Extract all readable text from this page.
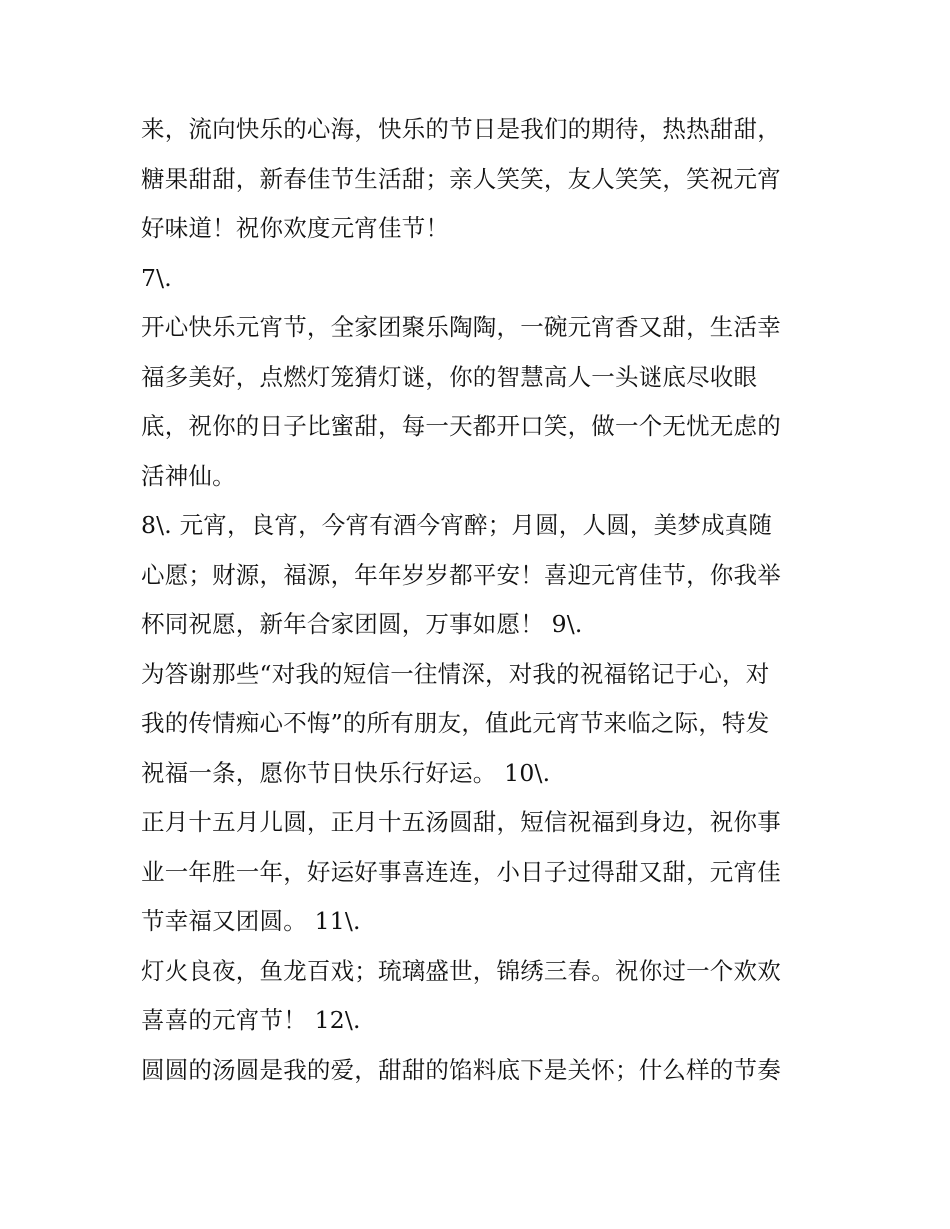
来，流向快乐的心海，快乐的节日是我们的期待，热热甜甜，
糖果甜甜，新春佳节生活甜；亲人笑笑，友人笑笑，笑祝元宵
好味道！祝你欢度元宵佳节！
7\.
开心快乐元宵节，全家团聚乐陶陶，一碗元宵香又甜，生活幸
福多美好，点燃灯笼猜灯谜，你的智慧高人一头谜底尽收眼
底，祝你的日子比蜜甜，每一天都开口笑，做一个无忧无虑的
活神仙。
8\. 元宵，良宵，今宵有酒今宵醉；月圆，人圆，美梦成真随
心愿；财源，福源，年年岁岁都平安！喜迎元宵佳节，你我举
杯同祝愿，新年合家团圆，万事如愿！ 9\.
为答谢那些“对我的短信一往情深，对我的祝福铭记于心，对
我的传情痴心不悔”的所有朋友，值此元宵节来临之际，特发
祝福一条，愿你节日快乐行好运。 10\.
正月十五月儿圆，正月十五汤圆甜，短信祝福到身边，祝你事
业一年胜一年，好运好事喜连连，小日子过得甜又甜，元宵佳
节幸福又团圆。 11\.
灯火良夜，鱼龙百戏；琉璃盛世，锦绣三春。祝你过一个欢欢
喜喜的元宵节！ 12\.
圆圆的汤圆是我的爱，甜甜的馅料底下是关怀；什么样的节奏
